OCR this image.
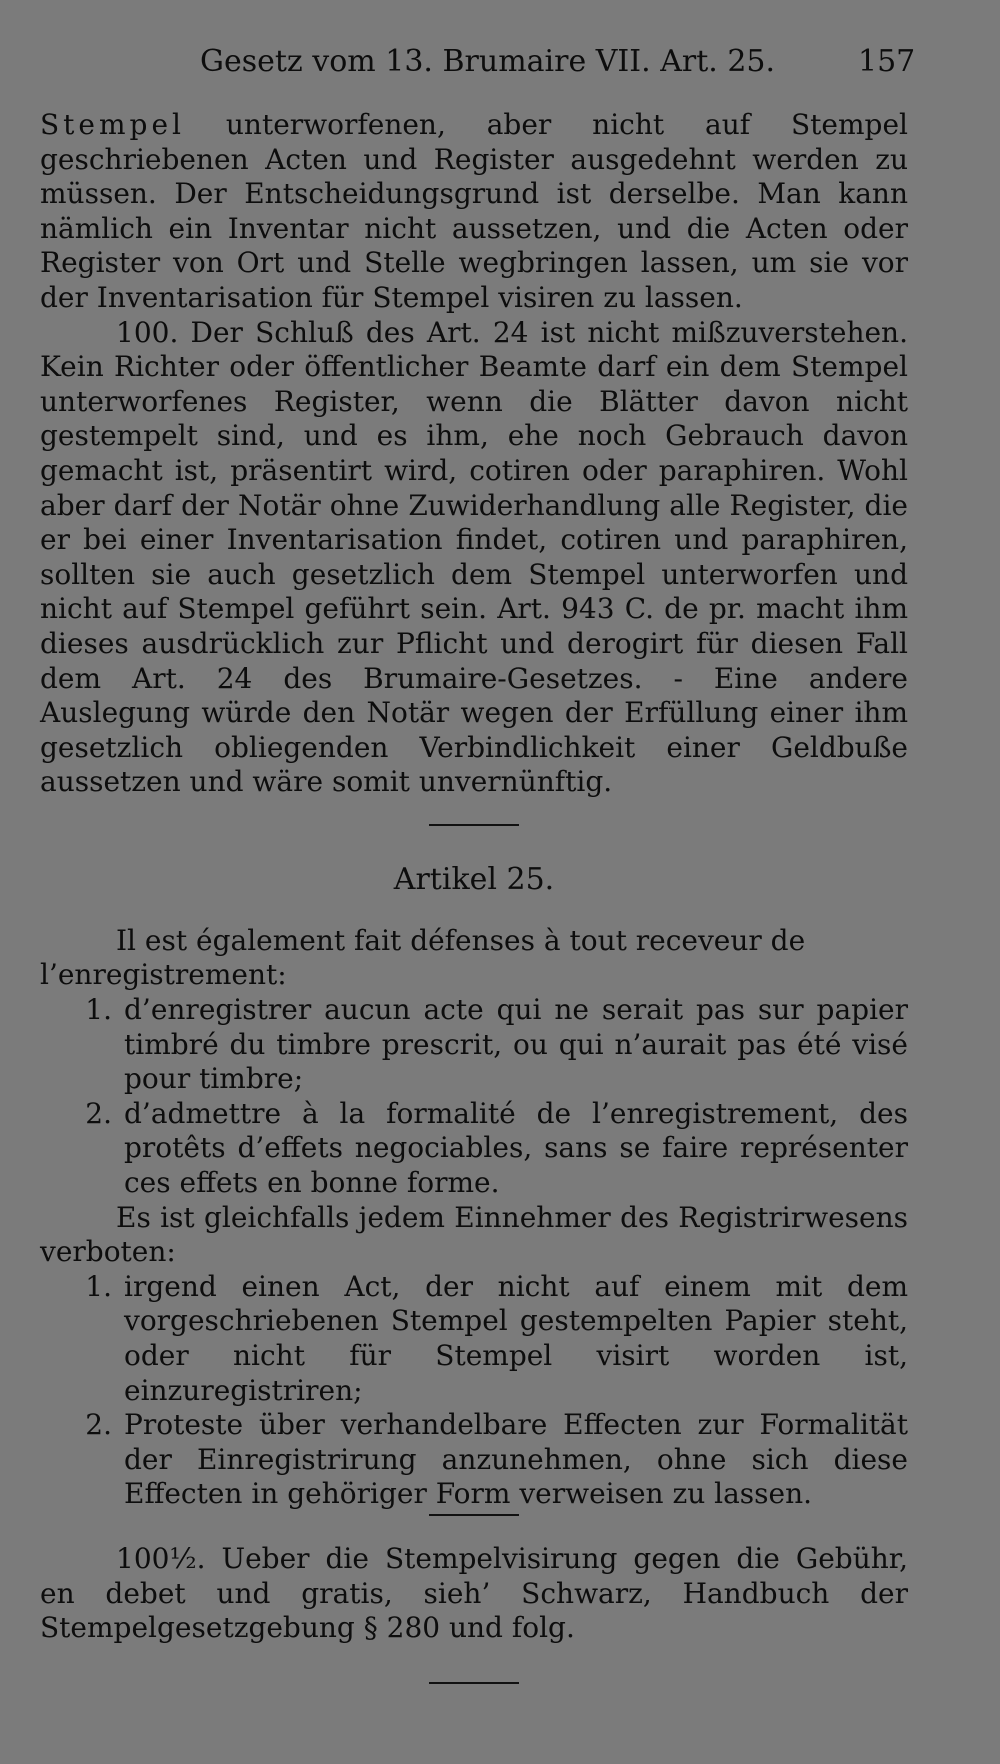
Gesetz vom 13. Brumaire VII. Art. 25.	157

Stempel unterworfenen, aber nicht auf Stempel geschriebenen Acten und Register ausgedehnt werden zu müssen. Der Entscheidungsgrund ist derselbe. Man kann nämlich ein Inventar nicht aussetzen, und die Acten oder Register von Ort und Stelle wegbringen lassen, um sie vor der Inventarisation für Stempel visiren zu lassen.

100. Der Schluß des Art. 24 ist nicht mißzuverstehen. Kein Richter oder öffentlicher Beamte darf ein dem Stempel unterworfenes Register, wenn die Blätter davon nicht gestempelt sind, und es ihm, ehe noch Gebrauch davon gemacht ist, präsentirt wird, cotiren oder paraphiren. Wohl aber darf der Notär ohne Zuwiderhandlung alle Register, die er bei einer Inventarisation findet, cotiren und paraphiren, sollten sie auch gesetzlich dem Stempel unterworfen und nicht auf Stempel geführt sein. Art. 943 C. de pr. macht ihm dieses ausdrücklich zur Pflicht und derogirt für diesen Fall dem Art. 24 des Brumaire-Gesetzes. - Eine andere Auslegung würde den Notär wegen der Erfüllung einer ihm gesetzlich obliegenden Verbindlichkeit einer Geldbuße aussetzen und wäre somit unvernünftig.

Artikel 25.

Il est également fait défenses à tout receveur de l’enregistrement:

1. d’enregistrer aucun acte qui ne serait pas sur papier timbré du timbre prescrit, ou qui n’aurait pas été visé pour timbre;

2. d’admettre à la formalité de l’enregistrement, des protêts d’effets negociables, sans se faire représenter ces effets en bonne forme.

Es ist gleichfalls jedem Einnehmer des Registrirwesens verboten:

1. irgend einen Act, der nicht auf einem mit dem vorgeschriebenen Stempel gestempelten Papier steht, oder nicht für Stempel visirt worden ist, einzuregistriren;

2. Proteste über verhandelbare Effecten zur Formalität der Einregistrirung anzunehmen, ohne sich diese Effecten in gehöriger Form verweisen zu lassen.

100½. Ueber die Stempelvisirung gegen die Gebühr, en debet und gratis, sieh’ Schwarz, Handbuch der Stempelgesetzgebung § 280 und folg.
